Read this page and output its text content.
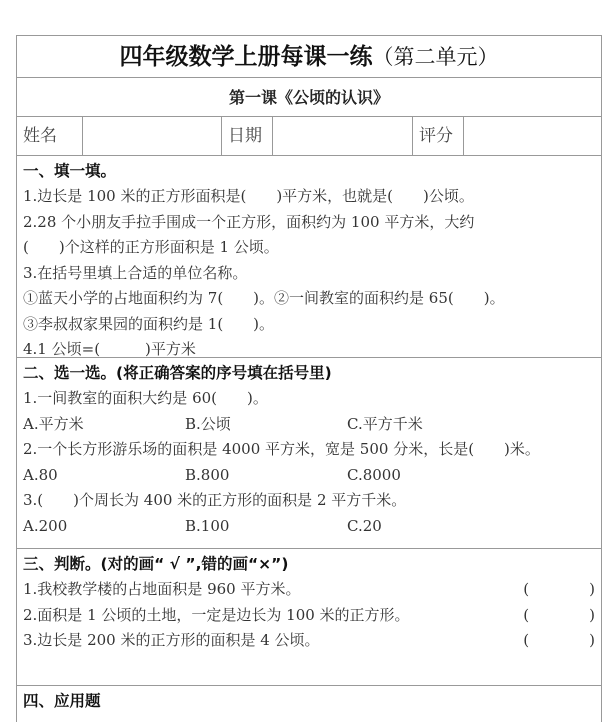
四年级数学上册每课一练（第二单元）
第一课《公顷的认识》
姓名	日期	评分
一、填一填。
1.边长是 100 米的正方形面积是(　　)平方米，也就是(　　)公顷。
2.28 个小朋友手拉手围成一个正方形，面积约为 100 平方米，大约
(　　)个这样的正方形面积是 1 公顷。
3.在括号里填上合适的单位名称。
①蓝天小学的占地面积约为 7(　　)。②一间教室的面积约是 65(　　)。
③李叔叔家果园的面积约是 1(　　)。
4.1 公顷=(　　　)平方米
二、选一选。(将正确答案的序号填在括号里)
1.一间教室的面积大约是 60(　　)。
A.平方米	B.公顷	C.平方千米
2.一个长方形游乐场的面积是 4000 平方米，宽是 500 分米，长是(　　)米。
A.80	B.800	C.8000
3.(　　)个周长为 400 米的正方形的面积是 2 平方千米。
A.200	B.100	C.20
三、判断。(对的画“ √ ”,错的画“×”)
1.我校教学楼的占地面积是 960 平方米。	(　　　　)
2.面积是 1 公顷的土地，一定是边长为 100 米的正方形。	(　　　　)
3.边长是 200 米的正方形的面积是 4 公顷。	(　　　　)
四、应用题
